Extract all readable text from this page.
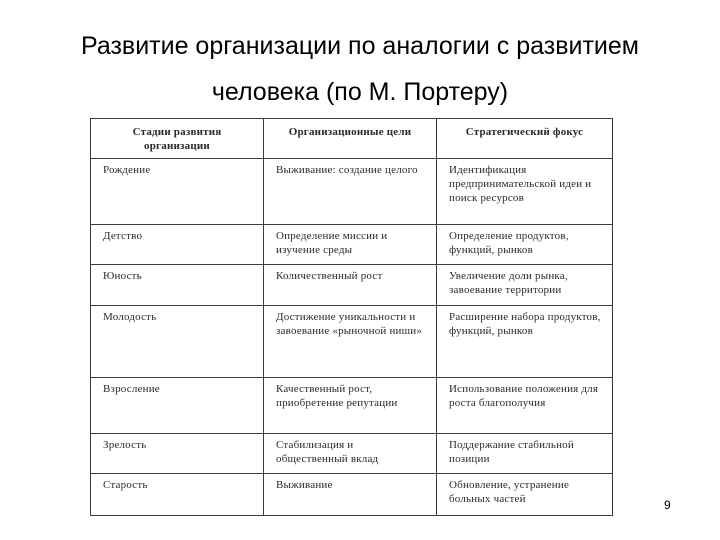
Развитие организации по аналогии с развитием
человека (по М. Портеру)
Стадии развития организации	Организационные цели	Стратегический фокус
Рождение	Выживание: создание целого	Идентификация предпринимательской идеи и поиск ресурсов
Детство	Определение миссии и изучение среды	Определение продуктов, функций, рынков
Юность	Количественный рост	Увеличение доли рынка, завоевание территории
Молодость	Достижение уникальности и завоевание «рыночной ниши»	Расширение набора продуктов, функций, рынков
Взросление	Качественный рост, приобретение репутации	Использование положения для роста благополучия
Зрелость	Стабилизация и общественный вклад	Поддержание стабильной позиции
Старость	Выживание	Обновление, устранение больных частей	9
